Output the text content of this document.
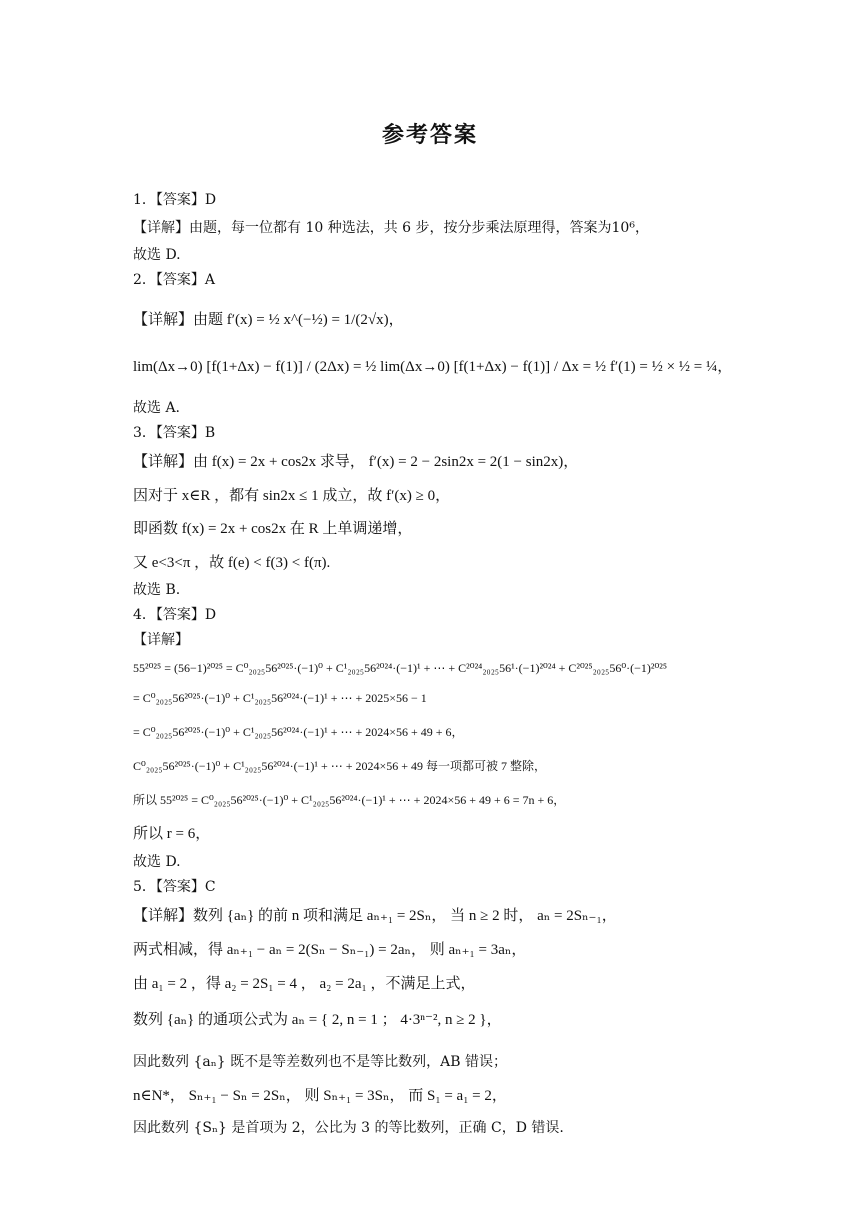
参考答案
1．【答案】D
【详解】由题，每一位都有 10 种选法，共 6 步，按分步乘法原理得，答案为10⁶，
故选 D.
2．【答案】A
【详解】由题 f′(x) = ½ x^(−½) = 1/(2√x)，
lim(Δx→0) [f(1+Δx) − f(1)] / (2Δx) = ½ lim(Δx→0) [f(1+Δx) − f(1)] / Δx = ½ f′(1) = ½ × ½ = ¼，
故选 A.
3．【答案】B
【详解】由 f(x) = 2x + cos2x 求导， f′(x) = 2 − 2sin2x = 2(1 − sin2x)，
因对于 x∈R ，都有 sin2x ≤ 1 成立，故 f′(x) ≥ 0，
即函数 f(x) = 2x + cos2x 在 R 上单调递增，
又 e<3<π ，故 f(e) < f(3) < f(π).
故选 B.
4．【答案】D
【详解】
55²⁰²⁵ = (56−1)²⁰²⁵ = C⁰₂₀₂₅56²⁰²⁵·(−1)⁰ + C¹₂₀₂₅56²⁰²⁴·(−1)¹ + ⋯ + C²⁰²⁴₂₀₂₅56¹·(−1)²⁰²⁴ + C²⁰²⁵₂₀₂₅56⁰·(−1)²⁰²⁵
= C⁰₂₀₂₅56²⁰²⁵·(−1)⁰ + C¹₂₀₂₅56²⁰²⁴·(−1)¹ + ⋯ + 2025×56 − 1
= C⁰₂₀₂₅56²⁰²⁵·(−1)⁰ + C¹₂₀₂₅56²⁰²⁴·(−1)¹ + ⋯ + 2024×56 + 49 + 6，
C⁰₂₀₂₅56²⁰²⁵·(−1)⁰ + C¹₂₀₂₅56²⁰²⁴·(−1)¹ + ⋯ + 2024×56 + 49 每一项都可被 7 整除，
所以 55²⁰²⁵ = C⁰₂₀₂₅56²⁰²⁵·(−1)⁰ + C¹₂₀₂₅56²⁰²⁴·(−1)¹ + ⋯ + 2024×56 + 49 + 6 = 7n + 6，
所以 r = 6，
故选 D.
5．【答案】C
【详解】数列 {aₙ} 的前 n 项和满足 aₙ₊₁ = 2Sₙ， 当 n ≥ 2 时， aₙ = 2Sₙ₋₁，
两式相减，得 aₙ₊₁ − aₙ = 2(Sₙ − Sₙ₋₁) = 2aₙ， 则 aₙ₊₁ = 3aₙ，
由 a₁ = 2 ，得 a₂ = 2S₁ = 4 ， a₂ = 2a₁ ，不满足上式，
数列 {aₙ} 的通项公式为 aₙ = { 2, n = 1 ； 4·3ⁿ⁻², n ≥ 2 }，
因此数列 {aₙ} 既不是等差数列也不是等比数列，AB 错误；
n∈N*， Sₙ₊₁ − Sₙ = 2Sₙ， 则 Sₙ₊₁ = 3Sₙ， 而 S₁ = a₁ = 2，
因此数列 {Sₙ} 是首项为 2，公比为 3 的等比数列，正确 C，D 错误.
